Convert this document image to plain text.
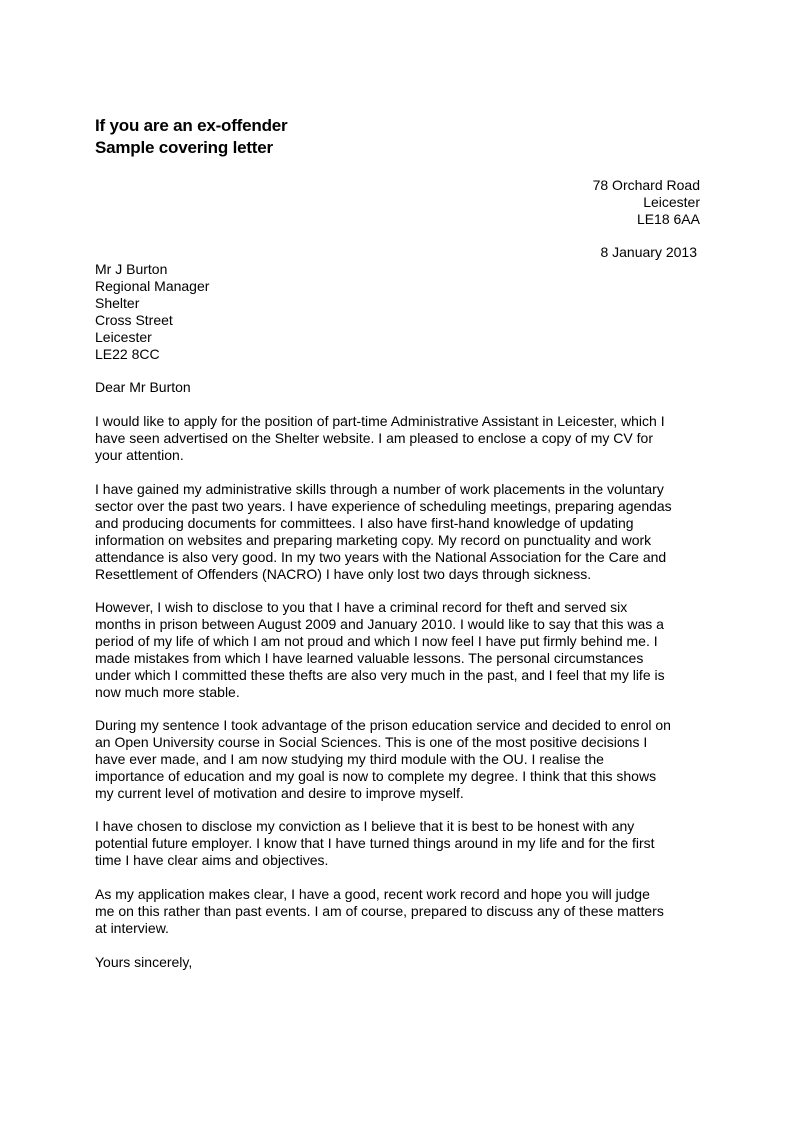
If you are an ex-offender
Sample covering letter
78 Orchard Road
Leicester
LE18 6AA
8 January 2013
Mr J Burton
Regional Manager
Shelter
Cross Street
Leicester
LE22 8CC
Dear Mr Burton
I would like to apply for the position of part-time Administrative Assistant in Leicester, which I
have seen advertised on the Shelter website. I am pleased to enclose a copy of my CV for
your attention.
I have gained my administrative skills through a number of work placements in the voluntary
sector over the past two years. I have experience of scheduling meetings, preparing agendas
and producing documents for committees. I also have first-hand knowledge of updating
information on websites and preparing marketing copy. My record on punctuality and work
attendance is also very good. In my two years with the National Association for the Care and
Resettlement of Offenders (NACRO) I have only lost two days through sickness.
However, I wish to disclose to you that I have a criminal record for theft and served six
months in prison between August 2009 and January 2010. I would like to say that this was a
period of my life of which I am not proud and which I now feel I have put firmly behind me. I
made mistakes from which I have learned valuable lessons. The personal circumstances
under which I committed these thefts are also very much in the past, and I feel that my life is
now much more stable.
During my sentence I took advantage of the prison education service and decided to enrol on
an Open University course in Social Sciences. This is one of the most positive decisions I
have ever made, and I am now studying my third module with the OU. I realise the
importance of education and my goal is now to complete my degree. I think that this shows
my current level of motivation and desire to improve myself.
I have chosen to disclose my conviction as I believe that it is best to be honest with any
potential future employer. I know that I have turned things around in my life and for the first
time I have clear aims and objectives.
As my application makes clear, I have a good, recent work record and hope you will judge
me on this rather than past events. I am of course, prepared to discuss any of these matters
at interview.
Yours sincerely,
